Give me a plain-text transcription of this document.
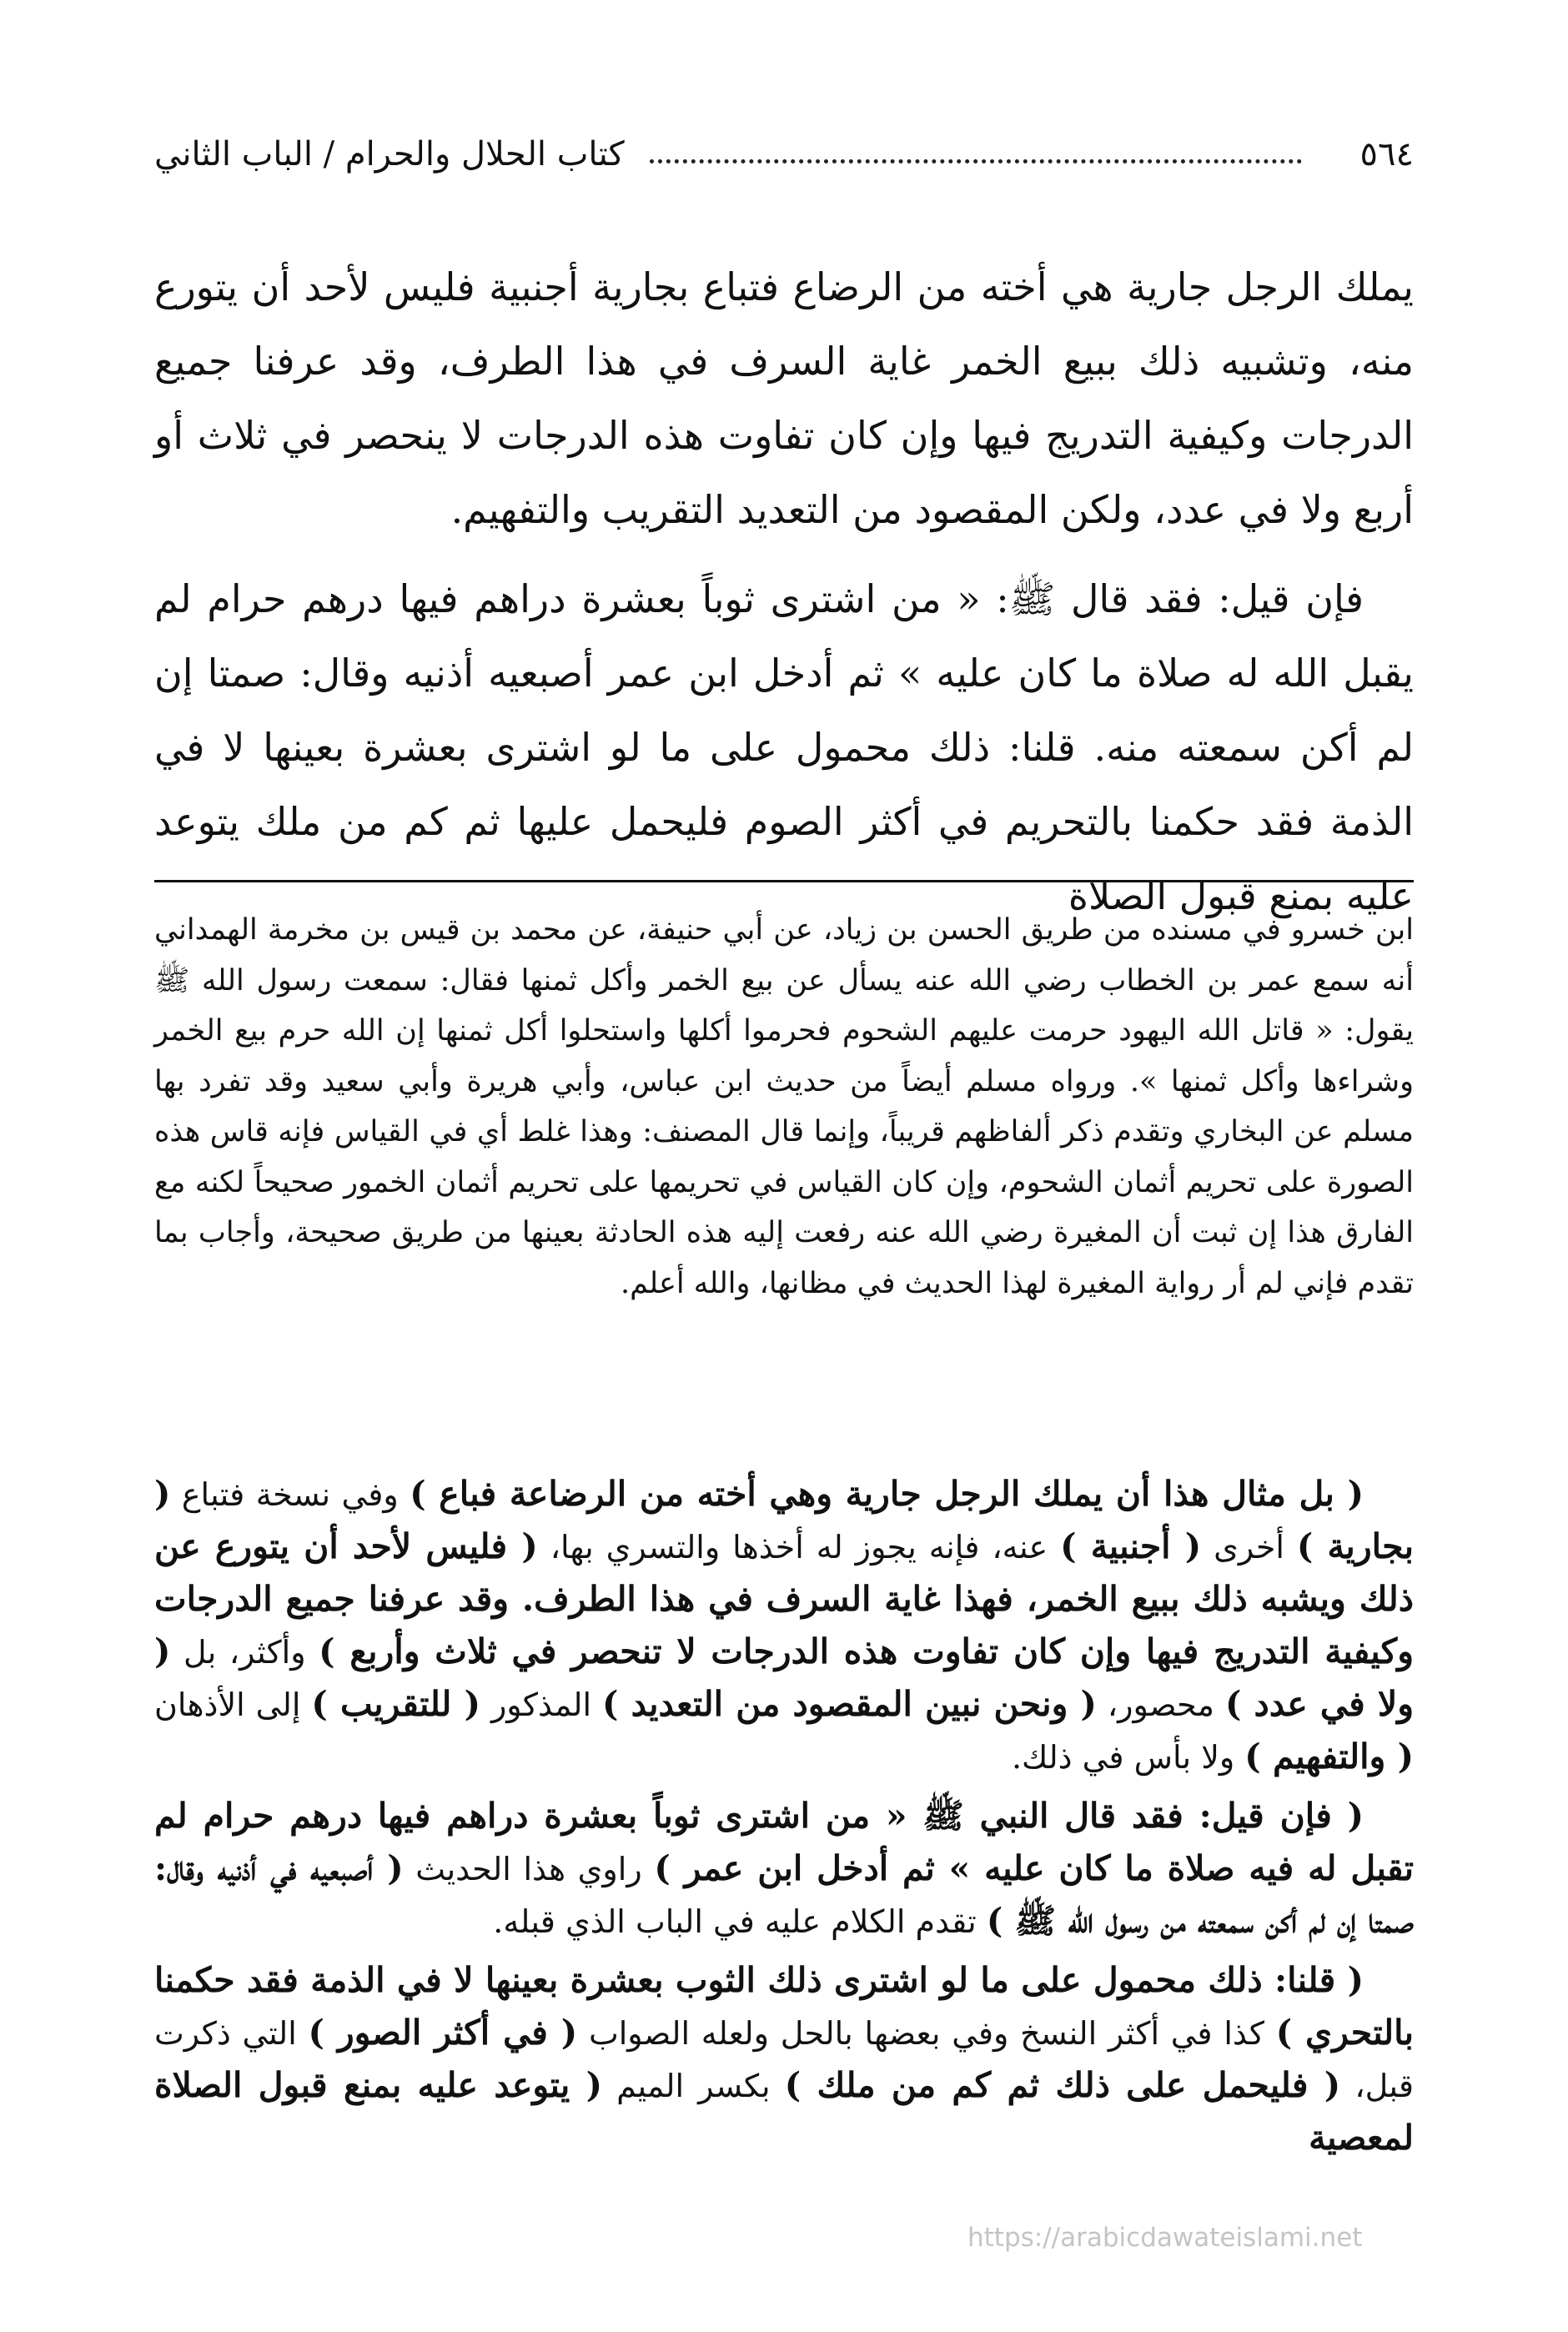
٥٦٤
كتاب الحلال والحرام / الباب الثاني

يملك الرجل جارية هي أخته من الرضاع فتباع بجارية أجنبية فليس لأحد أن يتورع منه، وتشبيه ذلك ببيع الخمر غاية السرف في هذا الطرف، وقد عرفنا جميع الدرجات وكيفية التدريج فيها وإن كان تفاوت هذه الدرجات لا ينحصر في ثلاث أو أربع ولا في عدد، ولكن المقصود من التعديد التقريب والتفهيم.

فإن قيل: فقد قال ﷺ: « من اشترى ثوباً بعشرة دراهم فيها درهم حرام لم يقبل الله له صلاة ما كان عليه » ثم أدخل ابن عمر أصبعيه أذنيه وقال: صمتا إن لم أكن سمعته منه. قلنا: ذلك محمول على ما لو اشترى بعشرة بعينها لا في الذمة فقد حكمنا بالتحريم في أكثر الصوم فليحمل عليها ثم كم من ملك يتوعد عليه بمنع قبول الصلاة

ابن خسرو في مسنده من طريق الحسن بن زياد، عن أبي حنيفة، عن محمد بن قيس بن مخرمة الهمداني أنه سمع عمر بن الخطاب رضي الله عنه يسأل عن بيع الخمر وأكل ثمنها فقال: سمعت رسول الله ﷺ يقول: « قاتل الله اليهود حرمت عليهم الشحوم فحرموا أكلها واستحلوا أكل ثمنها إن الله حرم بيع الخمر وشراءها وأكل ثمنها ». ورواه مسلم أيضاً من حديث ابن عباس، وأبي هريرة وأبي سعيد وقد تفرد بها مسلم عن البخاري وتقدم ذكر ألفاظهم قريباً، وإنما قال المصنف: وهذا غلط أي في القياس فإنه قاس هذه الصورة على تحريم أثمان الشحوم، وإن كان القياس في تحريمها على تحريم أثمان الخمور صحيحاً لكنه مع الفارق هذا إن ثبت أن المغيرة رضي الله عنه رفعت إليه هذه الحادثة بعينها من طريق صحيحة، وأجاب بما تقدم فإني لم أر رواية المغيرة لهذا الحديث في مظانها، والله أعلم.

( بل مثال هذا أن يملك الرجل جارية وهي أخته من الرضاعة فباع ) وفي نسخة فتباع ( بجارية ) أخرى ( أجنبية ) عنه، فإنه يجوز له أخذها والتسري بها، ( فليس لأحد أن يتورع عن ذلك ويشبه ذلك ببيع الخمر، فهذا غاية السرف في هذا الطرف. وقد عرفنا جميع الدرجات وكيفية التدريج فيها وإن كان تفاوت هذه الدرجات لا تنحصر في ثلاث وأربع ) وأكثر، بل ( ولا في عدد ) محصور، ( ونحن نبين المقصود من التعديد ) المذكور ( للتقريب ) إلى الأذهان ( والتفهيم ) ولا بأس في ذلك.

( فإن قيل: فقد قال النبي ﷺ « من اشترى ثوباً بعشرة دراهم فيها درهم حرام لم تقبل له فيه صلاة ما كان عليه » ثم أدخل ابن عمر ) راوي هذا الحديث ( أصبعيه في أذنيه وقال: صمتا إن لم أكن سمعته من رسول الله ﷺ ) تقدم الكلام عليه في الباب الذي قبله.

( قلنا: ذلك محمول على ما لو اشترى ذلك الثوب بعشرة بعينها لا في الذمة فقد حكمنا بالتحري ) كذا في أكثر النسخ وفي بعضها بالحل ولعله الصواب ( في أكثر الصور ) التي ذكرت قبل، ( فليحمل على ذلك ثم كم من ملك ) بكسر الميم ( يتوعد عليه بمنع قبول الصلاة لمعصية

https://arabicdawateislami.net
